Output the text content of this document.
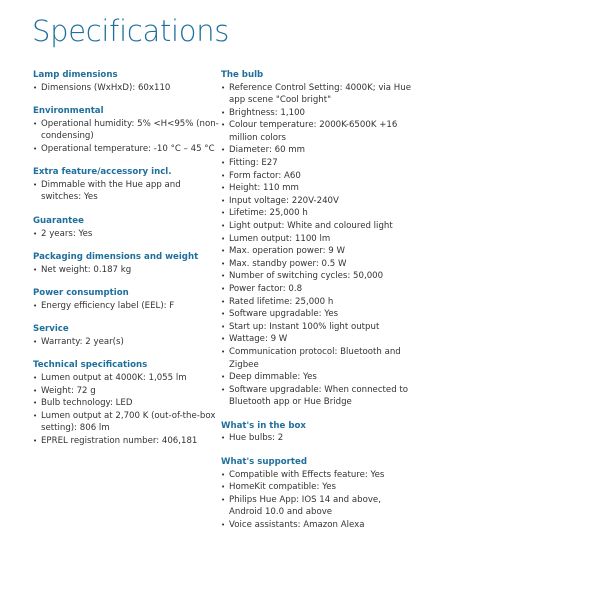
Specifications
Lamp dimensions
• Dimensions (WxHxD): 60x110
Environmental
• Operational humidity: 5% <H<95% (non-condensing)
• Operational temperature: -10 °C – 45 °C
Extra feature/accessory incl.
• Dimmable with the Hue app and switches: Yes
Guarantee
• 2 years: Yes
Packaging dimensions and weight
• Net weight: 0.187 kg
Power consumption
• Energy efficiency label (EEL): F
Service
• Warranty: 2 year(s)
Technical specifications
• Lumen output at 4000K: 1,055 lm
• Weight: 72 g
• Bulb technology: LED
• Lumen output at 2,700 K (out-of-the-box setting): 806 lm
• EPREL registration number: 406,181
The bulb
• Reference Control Setting: 4000K; via Hue app scene "Cool bright"
• Brightness: 1,100
• Colour temperature: 2000K-6500K +16 million colors
• Diameter: 60 mm
• Fitting: E27
• Form factor: A60
• Height: 110 mm
• Input voltage: 220V-240V
• Lifetime: 25,000 h
• Light output: White and coloured light
• Lumen output: 1100 lm
• Max. operation power: 9 W
• Max. standby power: 0.5 W
• Number of switching cycles: 50,000
• Power factor: 0.8
• Rated lifetime: 25,000 h
• Software upgradable: Yes
• Start up: Instant 100% light output
• Wattage: 9 W
• Communication protocol: Bluetooth and Zigbee
• Deep dimmable: Yes
• Software upgradable: When connected to Bluetooth app or Hue Bridge
What's in the box
• Hue bulbs: 2
What's supported
• Compatible with Effects feature: Yes
• HomeKit compatible: Yes
• Philips Hue App: IOS 14 and above, Android 10.0 and above
• Voice assistants: Amazon Alexa
